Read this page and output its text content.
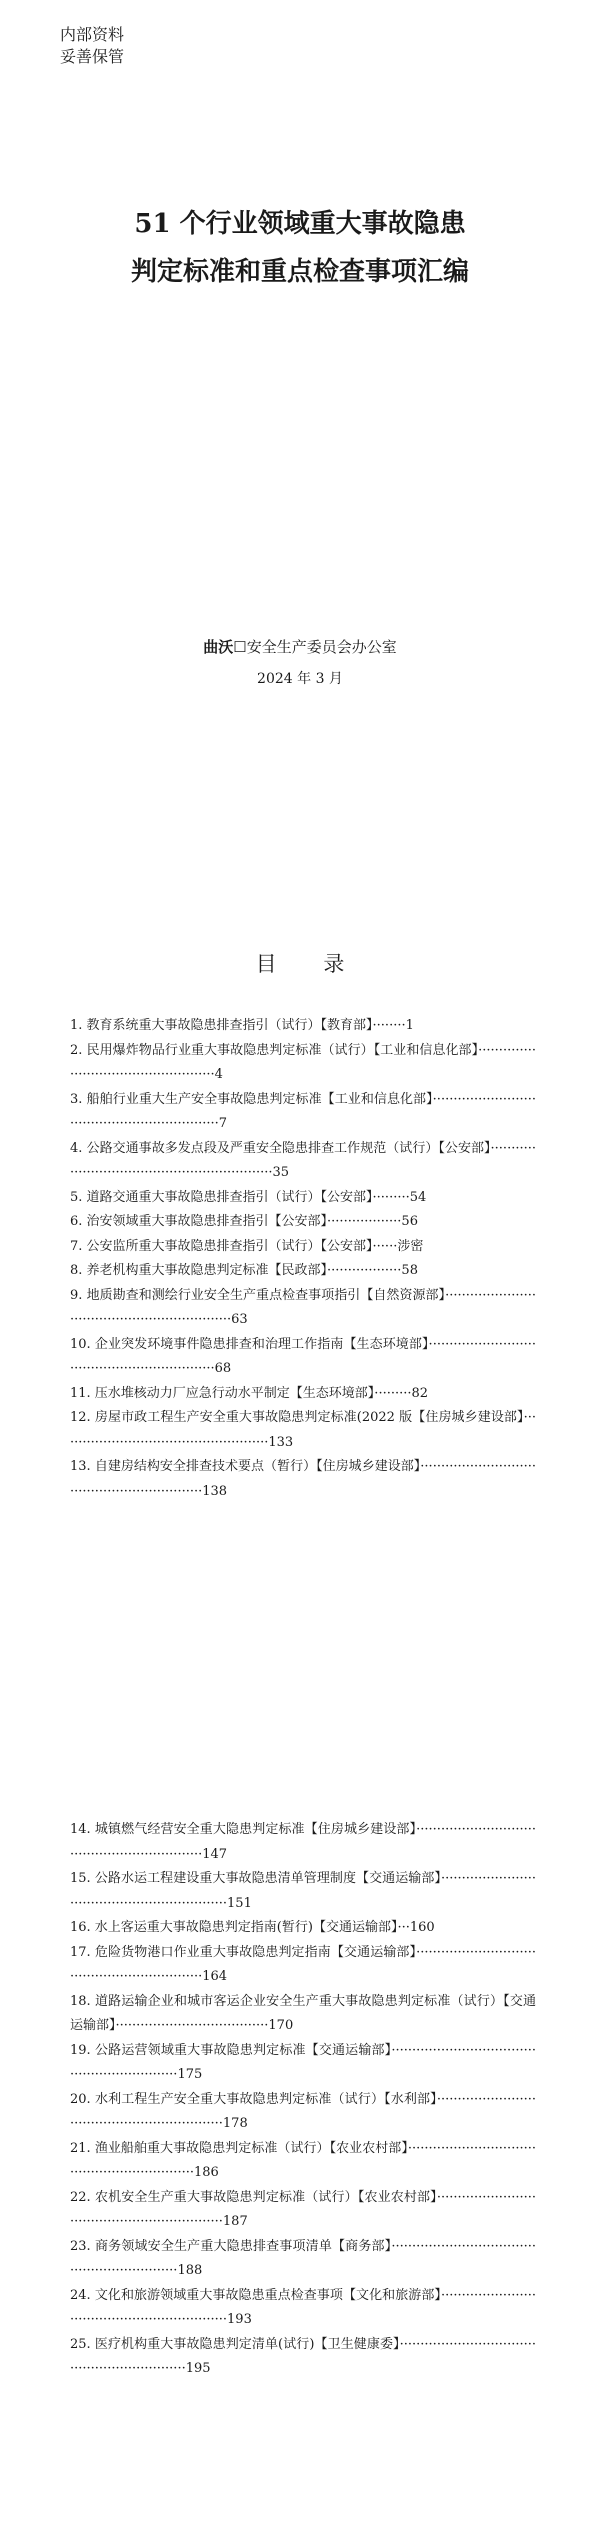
内部资料
妥善保管
51 个行业领域重大事故隐患
判定标准和重点检查事项汇编
曲沃☐安全生产委员会办公室
2024 年 3 月
目 录
1. 教育系统重大事故隐患排查指引（试行）【教育部】········1
2. 民用爆炸物品行业重大事故隐患判定标准（试行）【工业和信息化部】·················································4
3. 船舶行业重大生产安全事故隐患判定标准【工业和信息化部】·····························································7
4. 公路交通事故多发点段及严重安全隐患排查工作规范（试行）【公安部】····························································35
5. 道路交通重大事故隐患排查指引（试行）【公安部】·········54
6. 治安领域重大事故隐患排查指引【公安部】··················56
7. 公安监所重大事故隐患排查指引（试行）【公安部】······涉密
8. 养老机构重大事故隐患判定标准【民政部】··················58
9. 地质勘查和测绘行业安全生产重点检查事项指引【自然资源部】·····························································63
10. 企业突发环境事件隐患排查和治理工作指南【生态环境部】·····························································68
11. 压水堆核动力厂应急行动水平制定【生态环境部】·········82
12. 房屋市政工程生产安全重大事故隐患判定标准(2022 版【住房城乡建设部】···················································133
13. 自建房结构安全排查技术要点（暂行）【住房城乡建设部】····························································138
14. 城镇燃气经营安全重大隐患判定标准【住房城乡建设部】·····························································147
15. 公路水运工程建设重大事故隐患清单管理制度【交通运输部】·····························································151
16. 水上客运重大事故隐患判定指南(暂行)【交通运输部】···160
17. 危险货物港口作业重大事故隐患判定指南【交通运输部】·····························································164
18. 道路运输企业和城市客运企业安全生产重大事故隐患判定标准（试行）【交通运输部】·····································170
19. 公路运营领域重大事故隐患判定标准【交通运输部】·····························································175
20. 水利工程生产安全重大事故隐患判定标准（试行）【水利部】·····························································178
21. 渔业船舶重大事故隐患判定标准（试行）【农业农村部】·····························································186
22. 农机安全生产重大事故隐患判定标准（试行）【农业农村部】·····························································187
23. 商务领域安全生产重大隐患排查事项清单【商务部】·····························································188
24. 文化和旅游领域重大事故隐患重点检查事项【文化和旅游部】·····························································193
25. 医疗机构重大事故隐患判定清单(试行)【卫生健康委】·····························································195
